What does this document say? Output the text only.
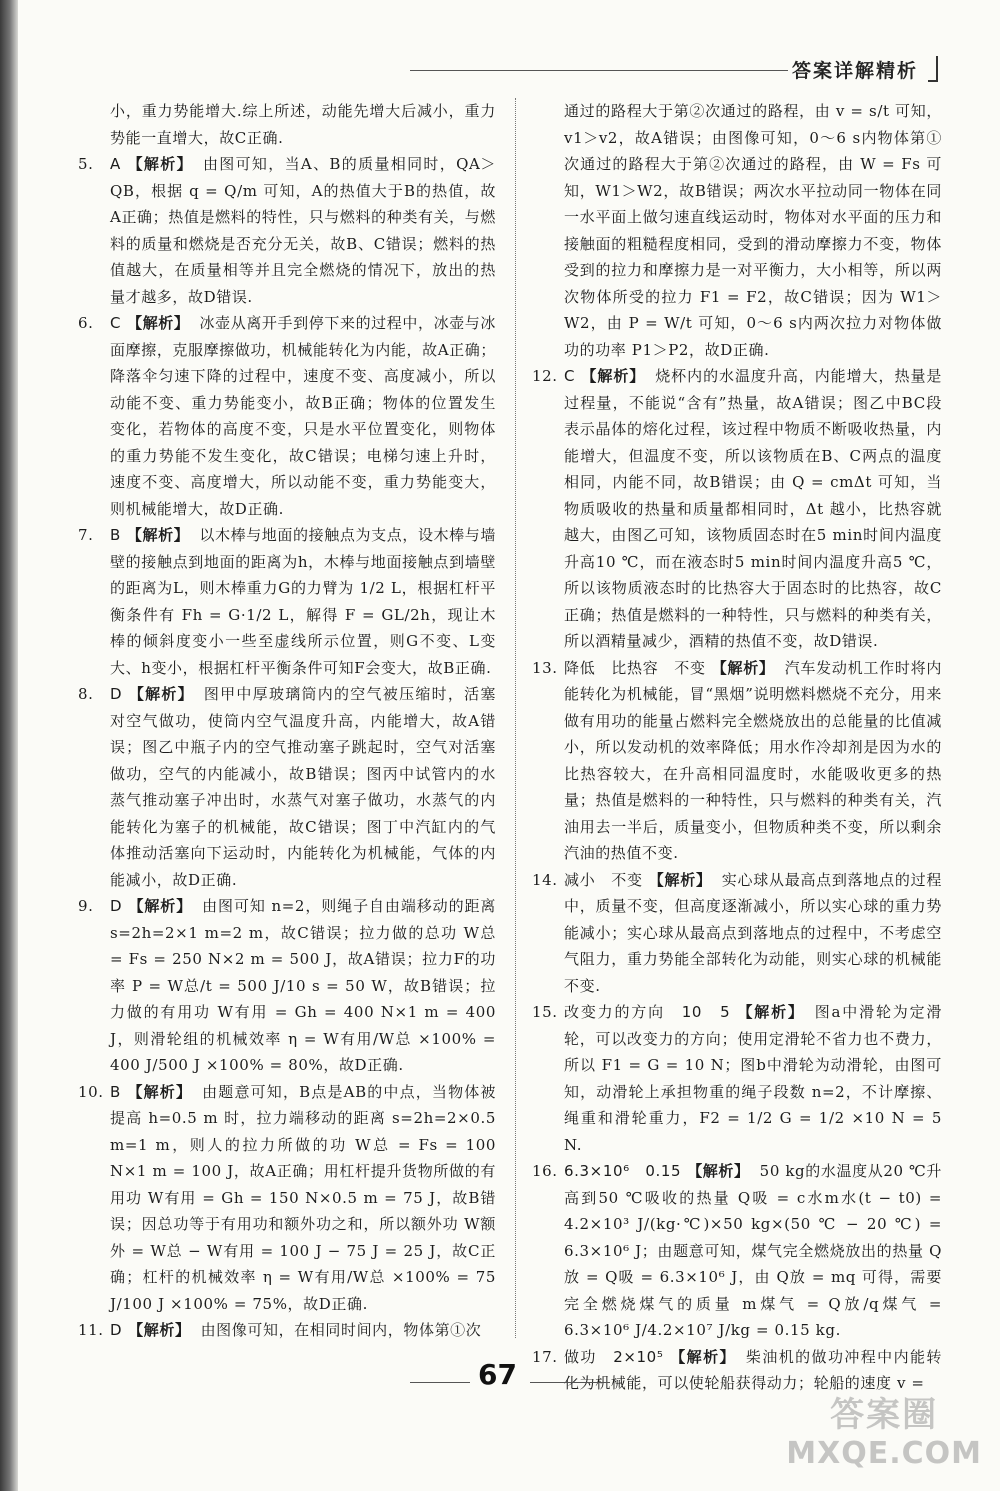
答案详解精析

小，重力势能增大.综上所述，动能先增大后减小，重力势能一直增大，故C正确.

5. A 【解析】 由图可知，当A、B的质量相同时，QA＞QB，根据 q = Q/m 可知，A的热值大于B的热值，故A正确；热值是燃料的特性，只与燃料的种类有关，与燃料的质量和燃烧是否充分无关，故B、C错误；燃料的热值越大，在质量相等并且完全燃烧的情况下，放出的热量才越多，故D错误.

6. C 【解析】 冰壶从离开手到停下来的过程中，冰壶与冰面摩擦，克服摩擦做功，机械能转化为内能，故A正确；降落伞匀速下降的过程中，速度不变、高度减小，所以动能不变、重力势能变小，故B正确；物体的位置发生变化，若物体的高度不变，只是水平位置变化，则物体的重力势能不发生变化，故C错误；电梯匀速上升时，速度不变、高度增大，所以动能不变，重力势能变大，则机械能增大，故D正确.

7. B 【解析】 以木棒与地面的接触点为支点，设木棒与墙壁的接触点到地面的距离为h，木棒与地面接触点到墙壁的距离为L，则木棒重力G的力臂为 1/2 L，根据杠杆平衡条件有 Fh = G·1/2 L，解得 F = GL/2h，现让木棒的倾斜度变小一些至虚线所示位置，则G不变、L变大、h变小，根据杠杆平衡条件可知F会变大，故B正确.

8. D 【解析】 图甲中厚玻璃筒内的空气被压缩时，活塞对空气做功，使筒内空气温度升高，内能增大，故A错误；图乙中瓶子内的空气推动塞子跳起时，空气对活塞做功，空气的内能减小，故B错误；图丙中试管内的水蒸气推动塞子冲出时，水蒸气对塞子做功，水蒸气的内能转化为塞子的机械能，故C错误；图丁中汽缸内的气体推动活塞向下运动时，内能转化为机械能，气体的内能减小，故D正确.

9. D 【解析】 由图可知 n=2，则绳子自由端移动的距离 s=2h=2×1 m=2 m，故C错误；拉力做的总功 W总 = Fs = 250 N×2 m = 500 J，故A错误；拉力F的功率 P = W总/t = 500 J/10 s = 50 W，故B错误；拉力做的有用功 W有用 = Gh = 400 N×1 m = 400 J，则滑轮组的机械效率 η = W有用/W总 ×100% = 400 J/500 J ×100% = 80%，故D正确.

10. B 【解析】 由题意可知，B点是AB的中点，当物体被提高 h=0.5 m 时，拉力端移动的距离 s=2h=2×0.5 m=1 m，则人的拉力所做的功 W总 = Fs = 100 N×1 m = 100 J，故A正确；用杠杆提升货物所做的有用功 W有用 = Gh = 150 N×0.5 m = 75 J，故B错误；因总功等于有用功和额外功之和，所以额外功 W额外 = W总 − W有用 = 100 J − 75 J = 25 J，故C正确；杠杆的机械效率 η = W有用/W总 ×100% = 75 J/100 J ×100% = 75%，故D正确.

11. D 【解析】 由图像可知，在相同时间内，物体第①次

通过的路程大于第②次通过的路程，由 v = s/t 可知，v1＞v2，故A错误；由图像可知，0～6 s内物体第①次通过的路程大于第②次通过的路程，由 W = Fs 可知，W1＞W2，故B错误；两次水平拉动同一物体在同一水平面上做匀速直线运动时，物体对水平面的压力和接触面的粗糙程度相同，受到的滑动摩擦力不变，物体受到的拉力和摩擦力是一对平衡力，大小相等，所以两次物体所受的拉力 F1 = F2，故C错误；因为 W1＞W2，由 P = W/t 可知，0～6 s内两次拉力对物体做功的功率 P1＞P2，故D正确.

12. C 【解析】 烧杯内的水温度升高，内能增大，热量是过程量，不能说“含有”热量，故A错误；图乙中BC段表示晶体的熔化过程，该过程中物质不断吸收热量，内能增大，但温度不变，所以该物质在B、C两点的温度相同，内能不同，故B错误；由 Q = cmΔt 可知，当物质吸收的热量和质量都相同时，Δt 越小，比热容就越大，由图乙可知，该物质固态时在5 min时间内温度升高10 ℃，而在液态时5 min时间内温度升高5 ℃，所以该物质液态时的比热容大于固态时的比热容，故C正确；热值是燃料的一种特性，只与燃料的种类有关，所以酒精量减少，酒精的热值不变，故D错误.

13. 降低　比热容　不变 【解析】 汽车发动机工作时将内能转化为机械能，冒“黑烟”说明燃料燃烧不充分，用来做有用功的能量占燃料完全燃烧放出的总能量的比值减小，所以发动机的效率降低；用水作冷却剂是因为水的比热容较大，在升高相同温度时，水能吸收更多的热量；热值是燃料的一种特性，只与燃料的种类有关，汽油用去一半后，质量变小，但物质种类不变，所以剩余汽油的热值不变.

14. 减小　不变 【解析】 实心球从最高点到落地点的过程中，质量不变，但高度逐渐减小，所以实心球的重力势能减小；实心球从最高点到落地点的过程中，不考虑空气阻力，重力势能全部转化为动能，则实心球的机械能不变.

15. 改变力的方向　10　5 【解析】 图a中滑轮为定滑轮，可以改变力的方向；使用定滑轮不省力也不费力，所以 F1 = G = 10 N；图b中滑轮为动滑轮，由图可知，动滑轮上承担物重的绳子段数 n=2，不计摩擦、绳重和滑轮重力，F2 = 1/2 G = 1/2 ×10 N = 5 N.

16. 6.3×10⁶　0.15 【解析】 50 kg的水温度从20 ℃升高到50 ℃吸收的热量 Q吸 = c水m水(t − t0) = 4.2×10³ J/(kg·℃)×50 kg×(50 ℃ − 20 ℃) = 6.3×10⁶ J；由题意可知，煤气完全燃烧放出的热量 Q放 = Q吸 = 6.3×10⁶ J，由 Q放 = mq 可得，需要完全燃烧煤气的质量 m煤气 = Q放/q煤气 = 6.3×10⁶ J/4.2×10⁷ J/kg = 0.15 kg.

17. 做功　2×10⁵ 【解析】 柴油机的做功冲程中内能转化为机械能，可以使轮船获得动力；轮船的速度 v =

67
答案圈
MXQE.COM
